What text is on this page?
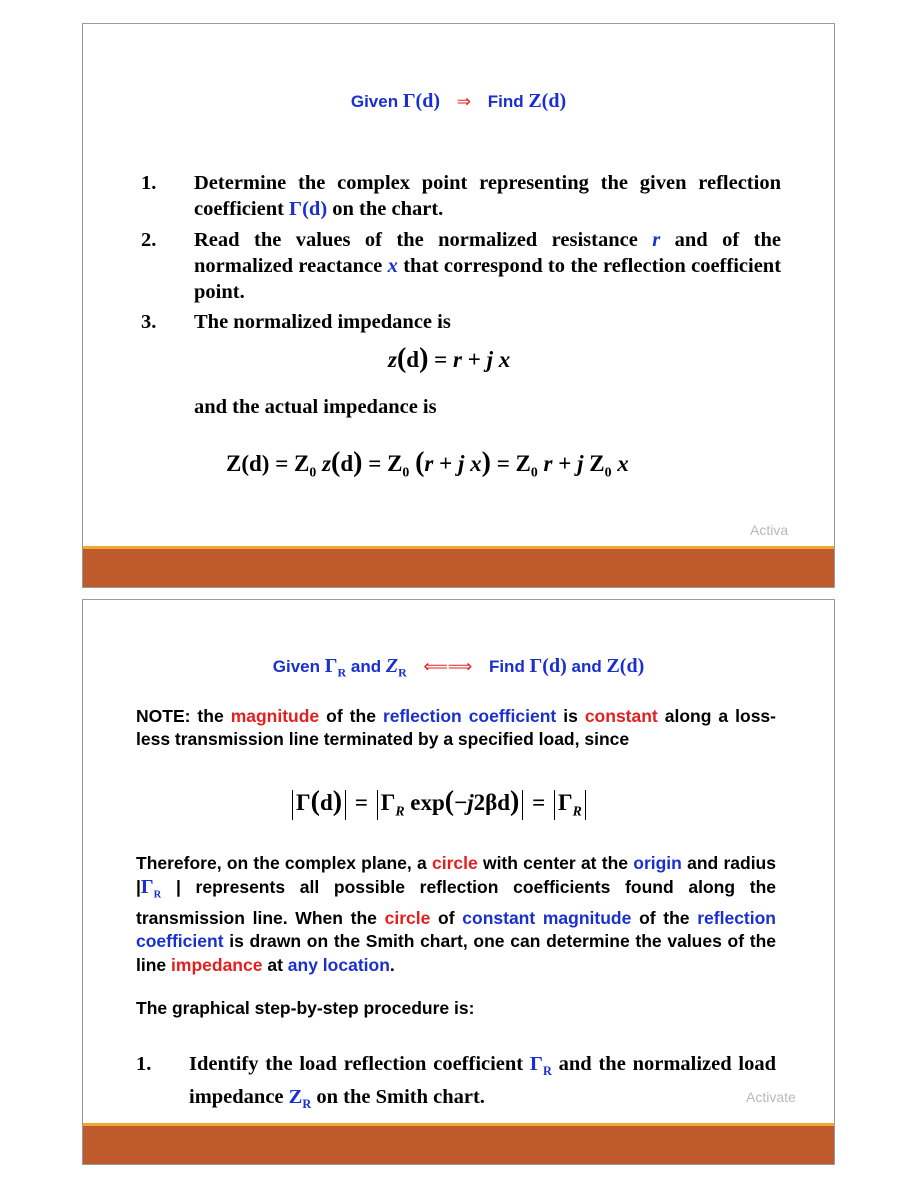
Given Γ(d) ⇒ Find Z(d)
1.	Determine the complex point representing the given reflection coefficient Γ(d) on the chart.
2.	Read the values of the normalized resistance r and of the normalized reactance x that correspond to the reflection coefficient point.
3.	The normalized impedance is
z(d) = r + j x
and the actual impedance is
$Z(d) = Z_0$ $z(d) = Z_0$ (r + j $x) = Z_0$ r + j $Z_0$ x
Activa
Given $\Gamma_R$ and $Z_R$ ⟸⟹ Find Γ(d) and Z(d)
NOTE: the magnitude of the reflection coefficient is constant along a loss-less transmission line terminated by a specified load, since
$\Gamma(d) = \Gamma_R$ $\exp(-j2\beta d) = \Gamma_R$
Therefore, on the complex plane, a circle with center at the origin and radius $|\Gamma_R$ | represents all possible reflection coefficients found along the transmission line. When the circle of constant magnitude of the reflection coefficient is drawn on the Smith chart, one can determine the values of the line impedance at any location.
The graphical step-by-step procedure is:
1.	Identify the load reflection coefficient $\Gamma_R$ and the normalized load impedance $Z_R$ on the Smith chart.	Activate
